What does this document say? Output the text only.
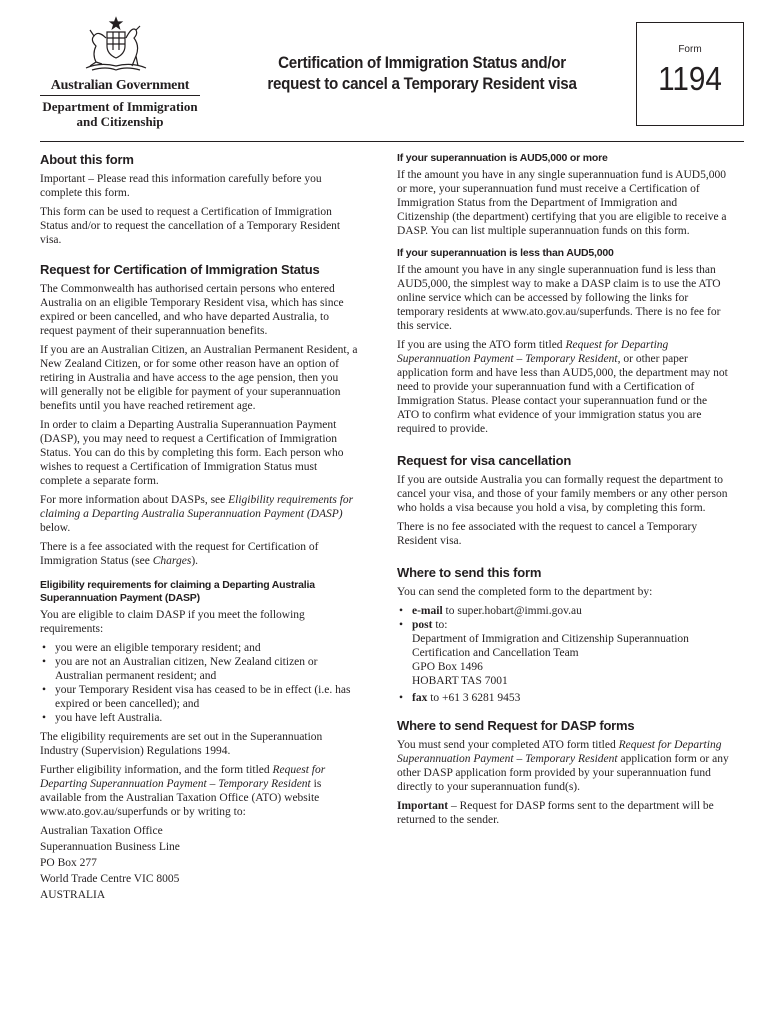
Australian Government
Department of Immigration
and Citizenship
Certification of Immigration Status and/or
request to cancel a Temporary Resident visa
Form
1194
About this form

Important – Please read this information carefully before you complete this form.

This form can be used to request a Certification of Immigration Status and/or to request the cancellation of a Temporary Resident visa.

Request for Certification of Immigration Status

The Commonwealth has authorised certain persons who entered Australia on an eligible Temporary Resident visa, which has since expired or been cancelled, and who have departed Australia, to request payment of their superannuation benefits.

If you are an Australian Citizen, an Australian Permanent Resident, a New Zealand Citizen, or for some other reason have an option of retiring in Australia and have access to the age pension, then you will generally not be eligible for payment of your superannuation benefits until you have reached retirement age.

In order to claim a Departing Australia Superannuation Payment (DASP), you may need to request a Certification of Immigration Status. You can do this by completing this form. Each person who wishes to request a Certification of Immigration Status must complete a separate form.

For more information about DASPs, see Eligibility requirements for claiming a Departing Australia Superannuation Payment (DASP) below.

There is a fee associated with the request for Certification of Immigration Status (see Charges).

Eligibility requirements for claiming a Departing Australia Superannuation Payment (DASP)

You are eligible to claim DASP if you meet the following requirements:

• you were an eligible temporary resident; and
• you are not an Australian citizen, New Zealand citizen or Australian permanent resident; and
• your Temporary Resident visa has ceased to be in effect (i.e. has expired or been cancelled); and
• you have left Australia.

The eligibility requirements are set out in the Superannuation Industry (Supervision) Regulations 1994.

Further eligibility information, and the form titled Request for Departing Superannuation Payment – Temporary Resident is available from the Australian Taxation Office (ATO) website www.ato.gov.au/superfunds or by writing to:

Australian Taxation Office
Superannuation Business Line
PO Box 277
World Trade Centre VIC 8005
AUSTRALIA
If your superannuation is AUD5,000 or more

If the amount you have in any single superannuation fund is AUD5,000 or more, your superannuation fund must receive a Certification of Immigration Status from the Department of Immigration and Citizenship (the department) certifying that you are eligible to receive a DASP. You can list multiple superannuation funds on this form.

If your superannuation is less than AUD5,000

If the amount you have in any single superannuation fund is less than AUD5,000, the simplest way to make a DASP claim is to use the ATO online service which can be accessed by following the links for temporary residents at www.ato.gov.au/superfunds. There is no fee for this service.

If you are using the ATO form titled Request for Departing Superannuation Payment – Temporary Resident, or other paper application form and have less than AUD5,000, the department may not need to provide your superannuation fund with a Certification of Immigration Status. Please contact your superannuation fund or the ATO to confirm what evidence of your immigration status you are required to provide.

Request for visa cancellation

If you are outside Australia you can formally request the department to cancel your visa, and those of your family members or any other person who holds a visa because you hold a visa, by completing this form.

There is no fee associated with the request to cancel a Temporary Resident visa.

Where to send this form

You can send the completed form to the department by:

• e-mail to super.hobart@immi.gov.au
• post to:
Department of Immigration and Citizenship Superannuation
Certification and Cancellation Team
GPO Box 1496
HOBART TAS 7001
• fax to +61 3 6281 9453
Where to send Request for DASP forms

You must send your completed ATO form titled Request for Departing Superannuation Payment – Temporary Resident application form or any other DASP application form provided by your superannuation fund directly to your superannuation fund(s).

Important – Request for DASP forms sent to the department will be returned to the sender.
